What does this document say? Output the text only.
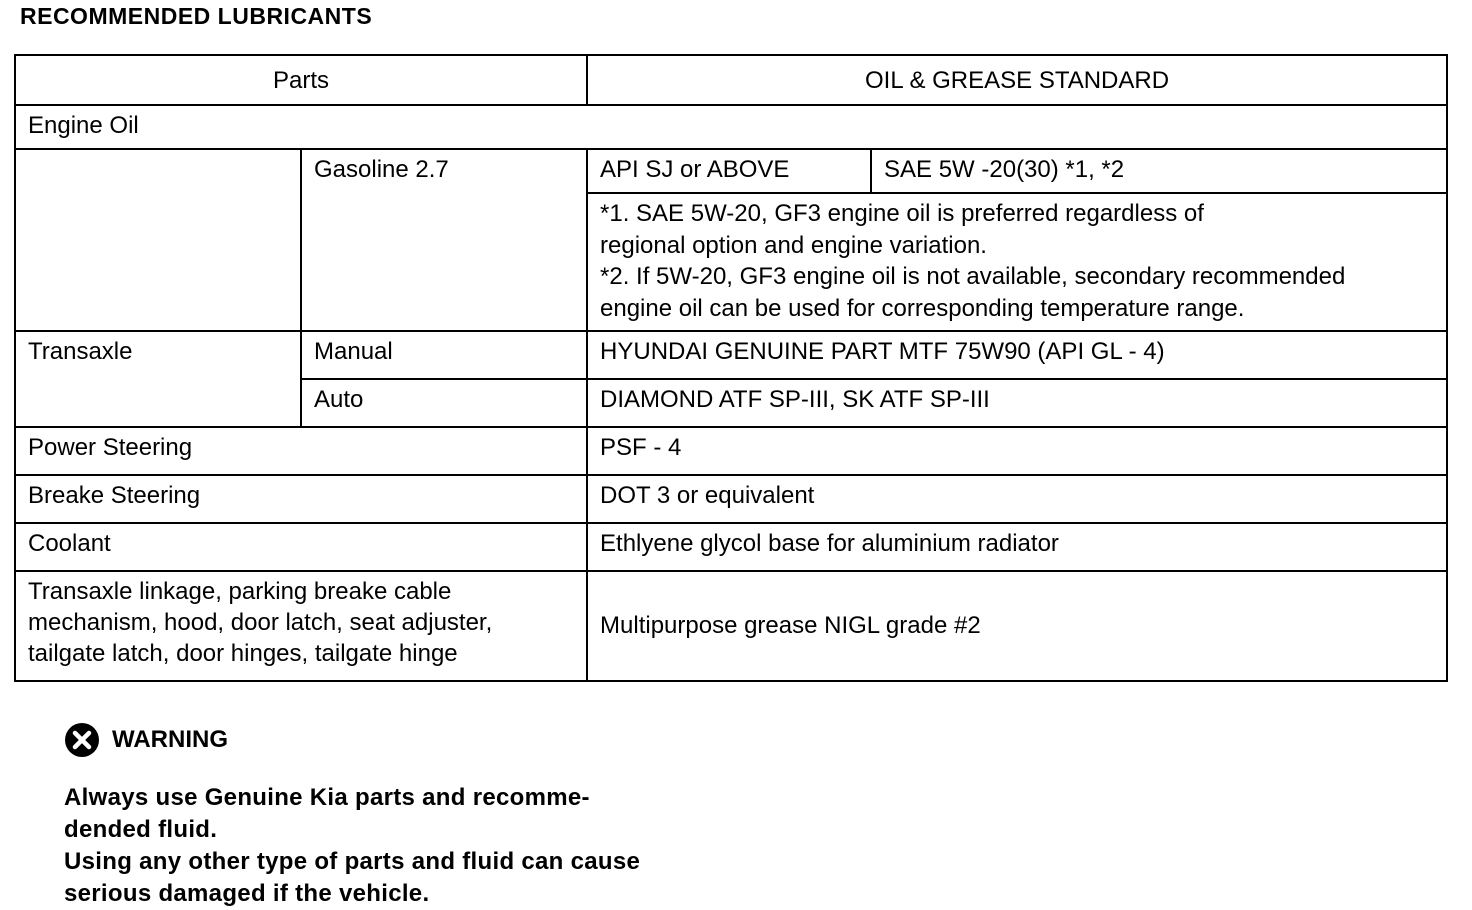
RECOMMENDED LUBRICANTS
Parts		OIL & GREASE STANDARD	
Engine Oil			
	Gasoline 2.7	API SJ or ABOVE	SAE 5W -20(30) *1, *2

		*1. SAE 5W-20, GF3 engine oil is preferred regardless of
regional option and engine variation.
*2. If 5W-20, GF3 engine oil is not available, secondary recommended
engine oil can be used for corresponding temperature range.	

Transaxle	Manual	HYUNDAI GENUINE PART MTF 75W90 (API GL - 4)	
	Auto	DIAMOND ATF SP-III, SK ATF SP-III	
Power Steering		PSF - 4	
Breake Steering		DOT 3 or equivalent	
Coolant		Ethlyene glycol base for aluminium radiator	

Transaxle linkage, parking breake cable
mechanism, hood, door latch, seat adjuster,
tailgate latch, door hinges, tailgate hinge		Multipurpose grease NIGL grade #2	
WARNING
Always use Genuine Kia parts and recomme-
dended fluid.
Using any other type of parts and fluid can cause
serious damaged if the vehicle.
